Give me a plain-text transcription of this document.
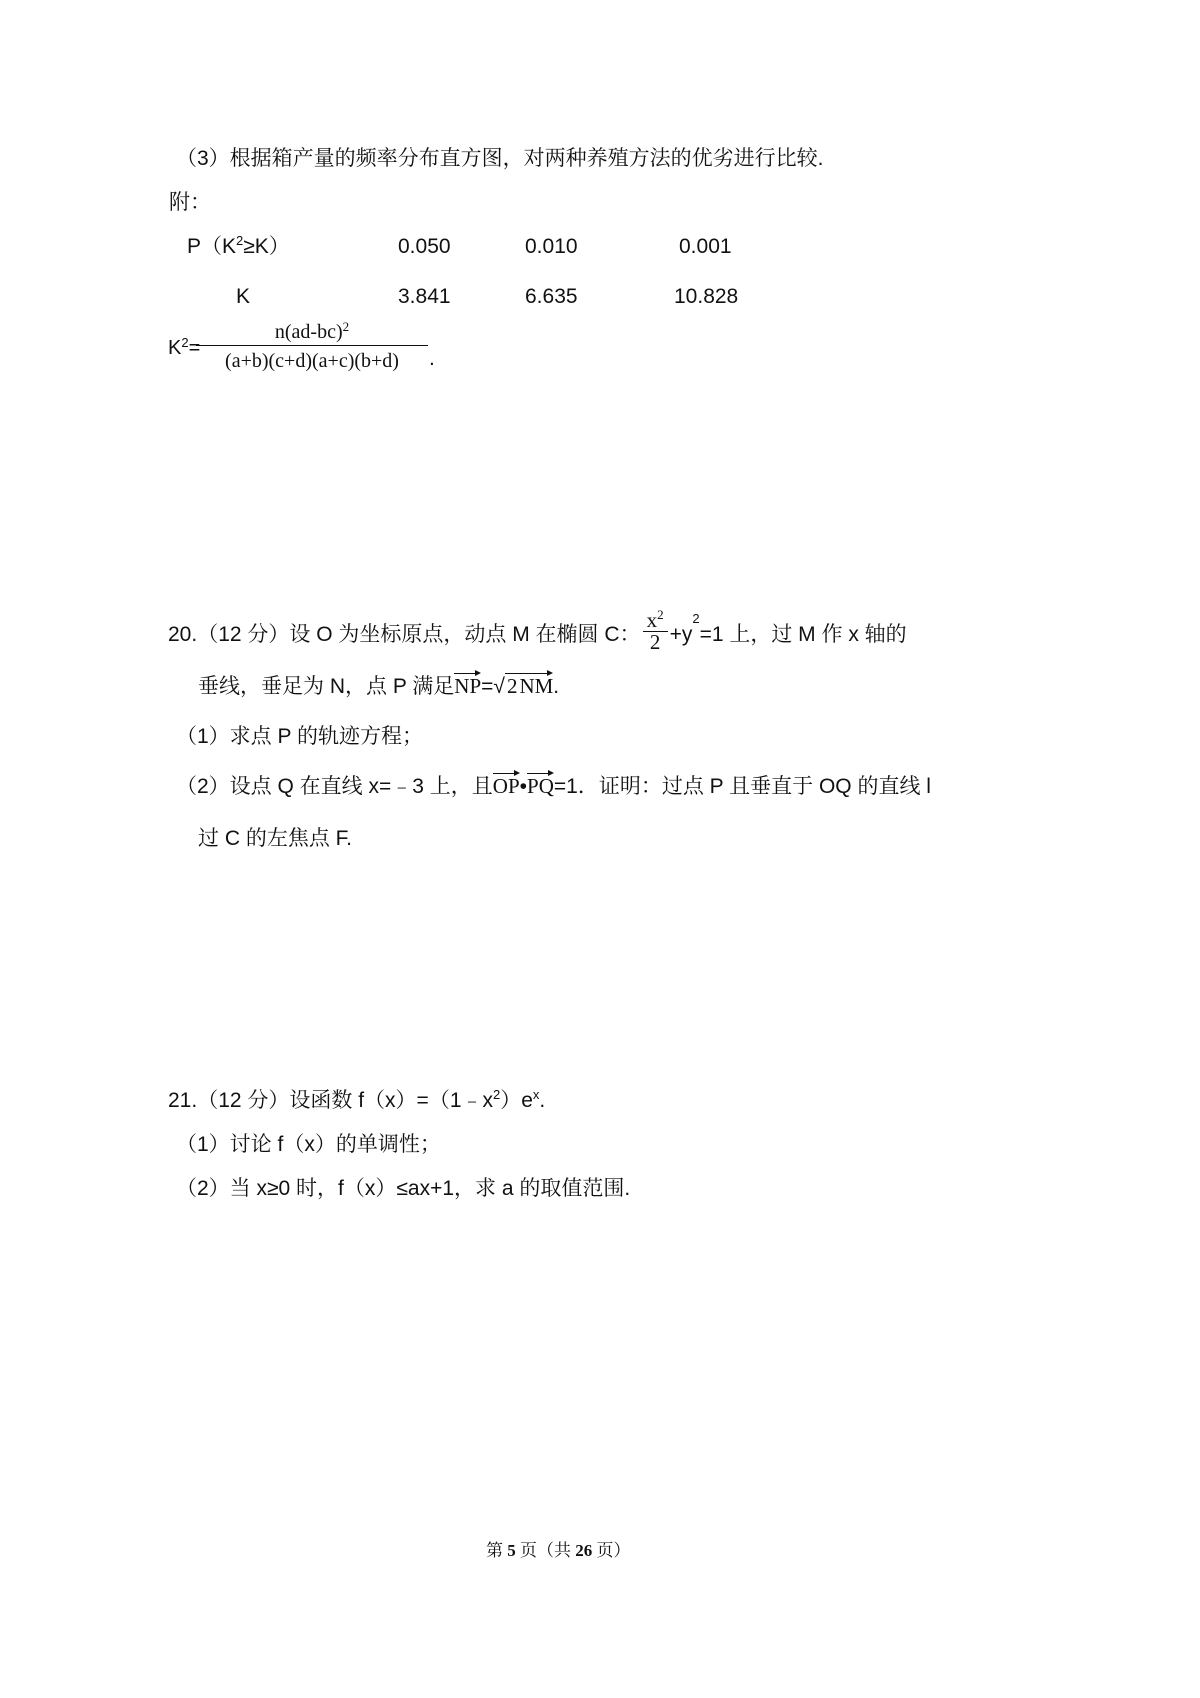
（3）根据箱产量的频率分布直方图，对两种养殖方法的优劣进行比较.
附：
$P(K^2\ge K)$	0.050	0.010	0.001
K	3.841	6.635	10.828
$K^2=$
$\frac{n(ad-bc)^2}{(a+b)(c+d)(a+c)(b+d)}$ .
20.（12 分）设 O 为坐标原点，动点 M 在椭圆 C： $\frac{x^2}{2} +y^2=1$ 上，过 M 作 x 轴的
垂线，垂足为 N，点 P 满足NP=√2NM.
（1）求点 P 的轨迹方程；
（2）设点 Q 在直线 x=﹣3 上，且OP•PQ=1．证明：过点 P 且垂直于 OQ 的直线 l
过 C 的左焦点 F.
21.（12 分）设函数 $f(x)=(1﹣x^2)e^x$.
（1）讨论 f（x）的单调性；
（2）当 x≥0 时，f（x）≤ax+1，求 a 的取值范围.
第 5 页（共 26 页）
